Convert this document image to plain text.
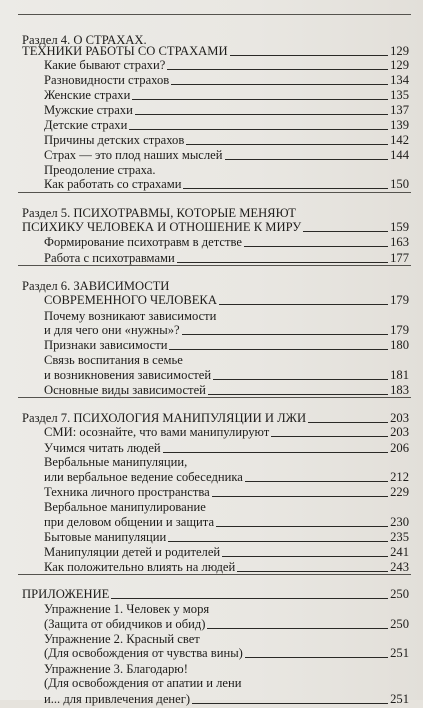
Раздел 4. О СТРАХАХ.
ТЕХНИКИ РАБОТЫ СО СТРАХАМИ	129
Какие бывают страхи?	129
Разновидности страхов	134
Женские страхи	135
Мужские страхи	137
Детские страхи	139
Причины детских страхов	142
Страх — это плод наших мыслей	144
Преодоление страха.
Как работать со страхами	150
Раздел 5. ПСИХОТРАВМЫ, КОТОРЫЕ МЕНЯЮТ
ПСИХИКУ ЧЕЛОВЕКА И ОТНОШЕНИЕ К МИРУ	159
Формирование психотравм в детстве	163
Работа с психотравмами	177
Раздел 6. ЗАВИСИМОСТИ
СОВРЕМЕННОГО ЧЕЛОВЕКА	179
Почему возникают зависимости
и для чего они «нужны»?	179
Признаки зависимости	180
Связь воспитания в семье
и возникновения зависимостей	181
Основные виды зависимостей	183
Раздел 7. ПСИХОЛОГИЯ МАНИПУЛЯЦИИ И ЛЖИ	203
СМИ: осознайте, что вами манипулируют	203
Учимся читать людей	206
Вербальные манипуляции,
или вербальное ведение собеседника	212
Техника личного пространства	229
Вербальное манипулирование
при деловом общении и защита	230
Бытовые манипуляции	235
Манипуляции детей и родителей	241
Как положительно влиять на людей	243
ПРИЛОЖЕНИЕ	250
Упражнение 1. Человек у моря
(Защита от обидчиков и обид)	250
Упражнение 2. Красный свет
(Для освобождения от чувства вины)	251
Упражнение 3. Благодарю!
(Для освобождения от апатии и лени
и... для привлечения денег)	251
